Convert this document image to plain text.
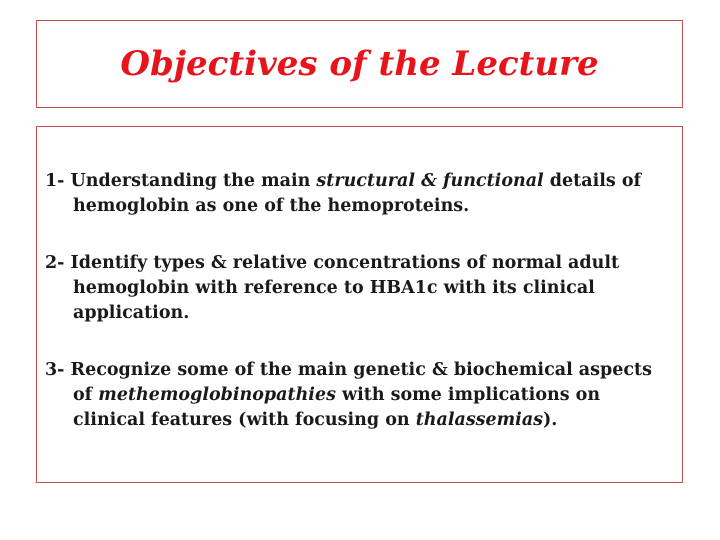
Objectives of the Lecture

1- Understanding the main structural & functional details of hemoglobin as one of the hemoproteins.

2- Identify types & relative concentrations of normal adult hemoglobin with reference to HBA1c with its clinical application.

3- Recognize some of the main genetic & biochemical aspects of methemoglobinopathies with some implications on clinical features (with focusing on thalassemias).
